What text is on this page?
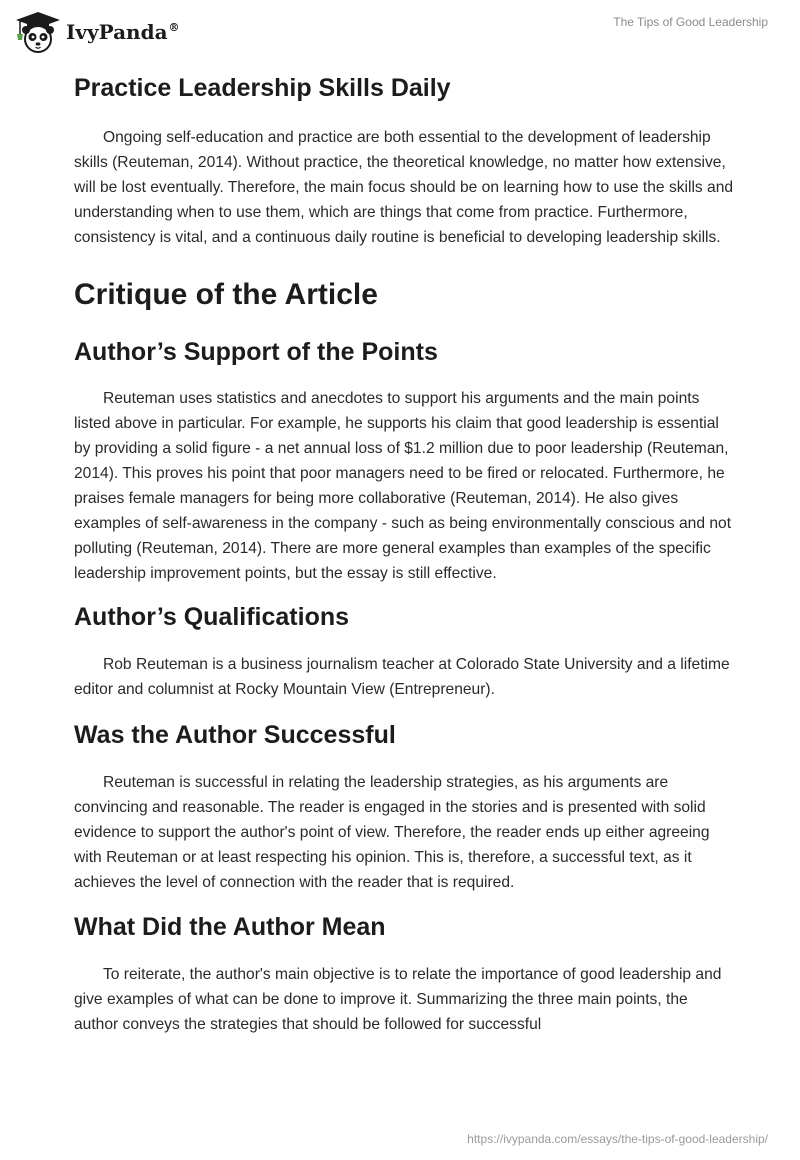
IvyPanda®	The Tips of Good Leadership
Practice Leadership Skills Daily

Ongoing self-education and practice are both essential to the development of leadership skills (Reuteman, 2014). Without practice, the theoretical knowledge, no matter how extensive, will be lost eventually. Therefore, the main focus should be on learning how to use the skills and understanding when to use them, which are things that come from practice. Furthermore, consistency is vital, and a continuous daily routine is beneficial to developing leadership skills.

Critique of the Article
Author’s Support of the Points

Reuteman uses statistics and anecdotes to support his arguments and the main points listed above in particular. For example, he supports his claim that good leadership is essential by providing a solid figure - a net annual loss of $1.2 million due to poor leadership (Reuteman, 2014). This proves his point that poor managers need to be fired or relocated. Furthermore, he praises female managers for being more collaborative (Reuteman, 2014). He also gives examples of self-awareness in the company - such as being environmentally conscious and not polluting (Reuteman, 2014). There are more general examples than examples of the specific leadership improvement points, but the essay is still effective.

Author’s Qualifications

Rob Reuteman is a business journalism teacher at Colorado State University and a lifetime editor and columnist at Rocky Mountain View (Entrepreneur).

Was the Author Successful

Reuteman is successful in relating the leadership strategies, as his arguments are convincing and reasonable. The reader is engaged in the stories and is presented with solid evidence to support the author's point of view. Therefore, the reader ends up either agreeing with Reuteman or at least respecting his opinion. This is, therefore, a successful text, as it achieves the level of connection with the reader that is required.

What Did the Author Mean

To reiterate, the author's main objective is to relate the importance of good leadership and give examples of what can be done to improve it. Summarizing the three main points, the author conveys the strategies that should be followed for successful

https://ivypanda.com/essays/the-tips-of-good-leadership/
